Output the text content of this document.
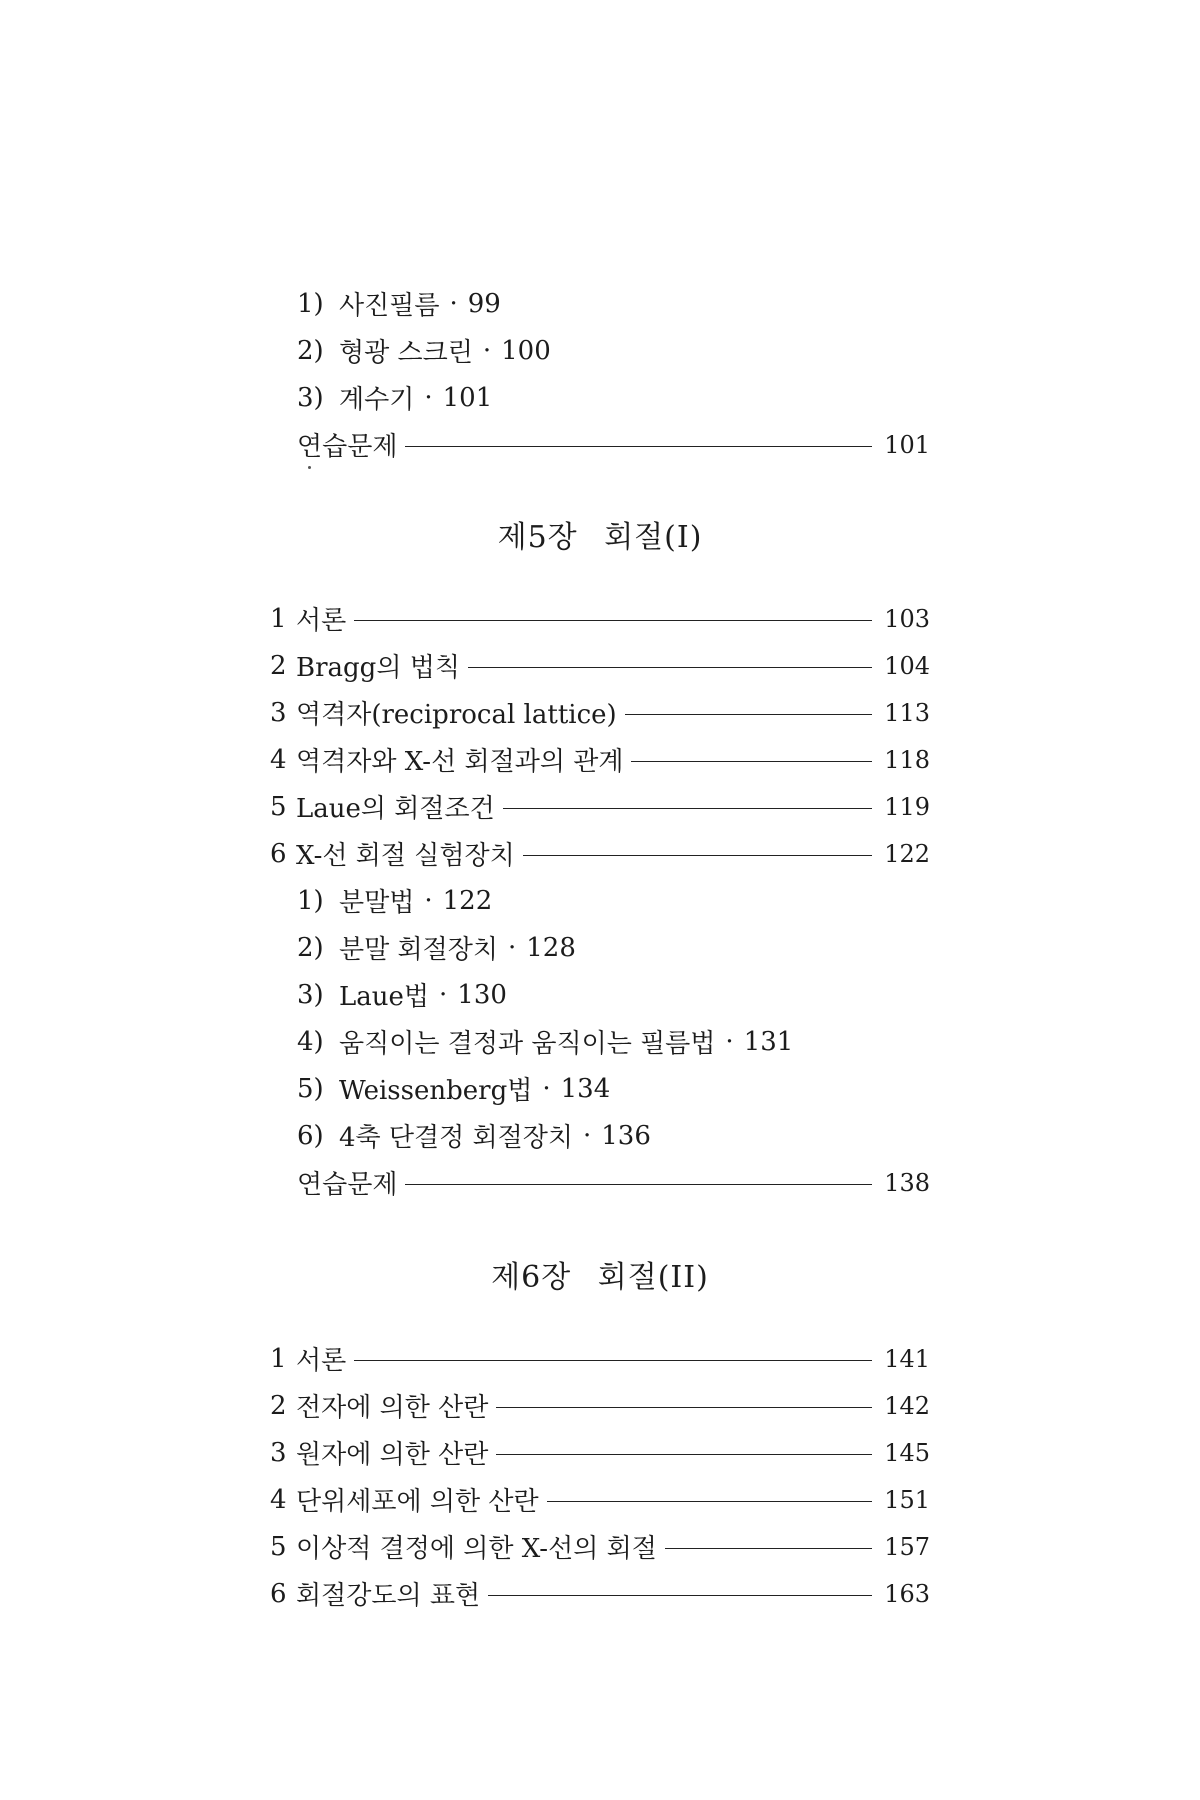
1) 사진필름 · 99
2) 형광 스크린 · 100
3) 계수기 · 101
연습문제	101
제5장 회절(I)
1 서론	103
2 Bragg의 법칙	104
3 역격자(reciprocal lattice)	113
4 역격자와 X-선 회절과의 관계	118
5 Laue의 회절조건	119
6 X-선 회절 실험장치	122
1) 분말법 · 122
2) 분말 회절장치 · 128
3) Laue법 · 130
4) 움직이는 결정과 움직이는 필름법 · 131
5) Weissenberg법 · 134
6) 4축 단결정 회절장치 · 136
연습문제	138
제6장 회절(II)
1 서론	141
2 전자에 의한 산란	142
3 원자에 의한 산란	145
4 단위세포에 의한 산란	151
5 이상적 결정에 의한 X-선의 회절	157
6 회절강도의 표현	163
